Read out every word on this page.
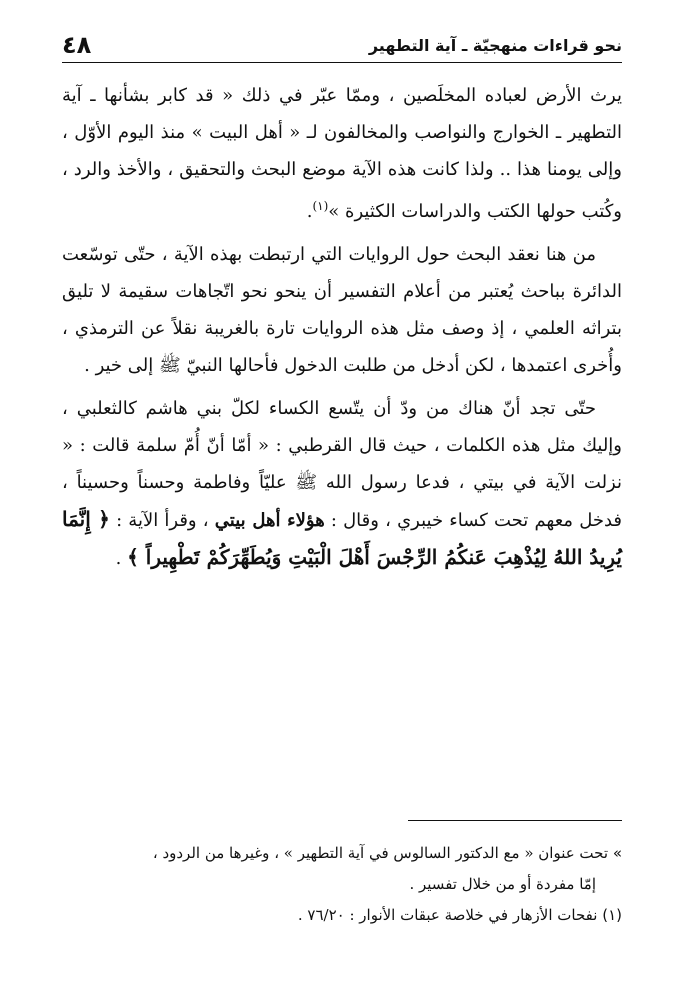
نحو قراءات منهجيّة ـ آية التطهير
٤٨

يرث الأرض لعباده المخلَصين ، وممّا عبّر في ذلك « قد كابر بشأنها ـ آية التطهير ـ الخوارج والنواصب والمخالفون لـ « أهل البيت » منذ اليوم الأوّل ، وإلى يومنا هذا .. ولذا كانت هذه الآية موضع البحث والتحقيق ، والأخذ والرد ، وكُتب حولها الكتب والدراسات الكثيرة »$^{(١)}$.

من هنا نعقد البحث حول الروايات التي ارتبطت بهذه الآية ، حتّى توسّعت الدائرة بباحث يُعتبر من أعلام التفسير أن ينحو نحو اتّجاهات سقيمة لا تليق بتراثه العلمي ، إذ وصف مثل هذه الروايات تارة بالغريبة نقلاً عن الترمذي ، وأُخرى اعتمدها ، لكن أدخل من طلبت الدخول فأحالها النبيّ ﷺ إلى خير .

حتّى تجد أنّ هناك من ودّ أن يتّسع الكساء لكلّ بني هاشم كالثعلبي ، وإليك مثل هذه الكلمات ، حيث قال القرطبي : « أمّا أنّ أُمّ سلمة قالت : « نزلت الآية في بيتي ، فدعا رسول الله ﷺ عليّاً وفاطمة وحسناً وحسيناً ، فدخل معهم تحت كساء خيبري ، وقال : هؤلاء أهل بيتي ، وقرأ الآية : ﴿ إِنَّمَا يُرِيدُ اللهُ لِيُذْهِبَ عَنكُمُ الرِّجْسَ أَهْلَ الْبَيْتِ وَيُطَهِّرَكُمْ تَطْهِيراً ﴾ .

» تحت عنوان « مع الدكتور السالوس في آية التطهير » ، وغيرها من الردود ،

إمّا مفردة أو من خلال تفسير .

(١) نفحات الأزهار في خلاصة عبقات الأنوار : ٧٦/٢٠ .
